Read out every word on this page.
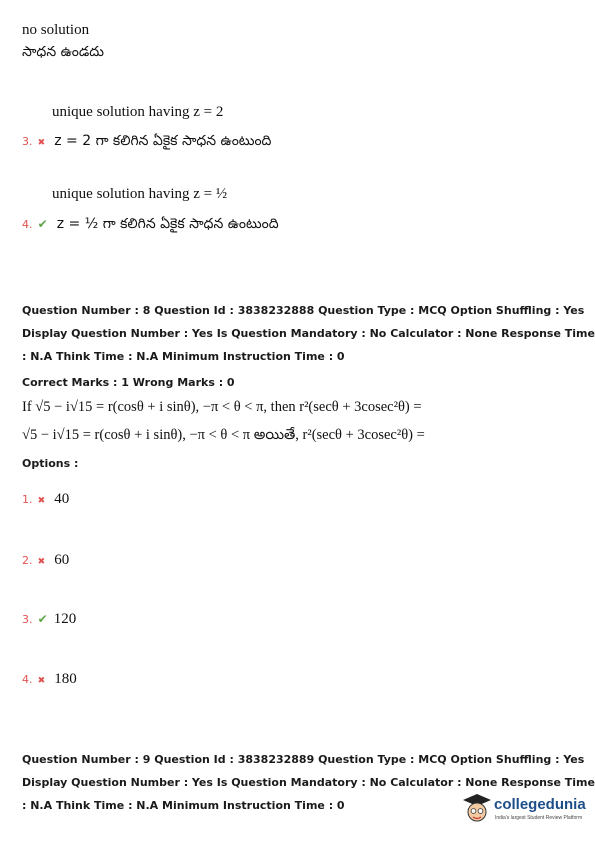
no solution
సాధన ఉండదు
unique solution having z = 2
3. ✖ z = 2 గా కలిగిన ఏకైక సాధన ఉంటుంది
unique solution having z = ½
4. ✔ z = ½ గా కలిగిన ఏకైక సాధన ఉంటుంది
Question Number : 8 Question Id : 3838232888 Question Type : MCQ Option Shuffling : Yes
Display Question Number : Yes Is Question Mandatory : No Calculator : None Response Time
: N.A Think Time : N.A Minimum Instruction Time : 0
Correct Marks : 1 Wrong Marks : 0
If √5 − i√15 = r(cosθ + i sinθ), −π < θ < π, then r²(secθ + 3cosec²θ) =
√5 − i√15 = r(cosθ + i sinθ), −π < θ < π అయితే, r²(secθ + 3cosec²θ) =
Options :
1. ✖ 40
2. ✖ 60
3. ✔ 120
4. ✖ 180
Question Number : 9 Question Id : 3838232889 Question Type : MCQ Option Shuffling : Yes
Display Question Number : Yes Is Question Mandatory : No Calculator : None Response Time
: N.A Think Time : N.A Minimum Instruction Time : 0	collegedunia
India's largest Student Review Platform
